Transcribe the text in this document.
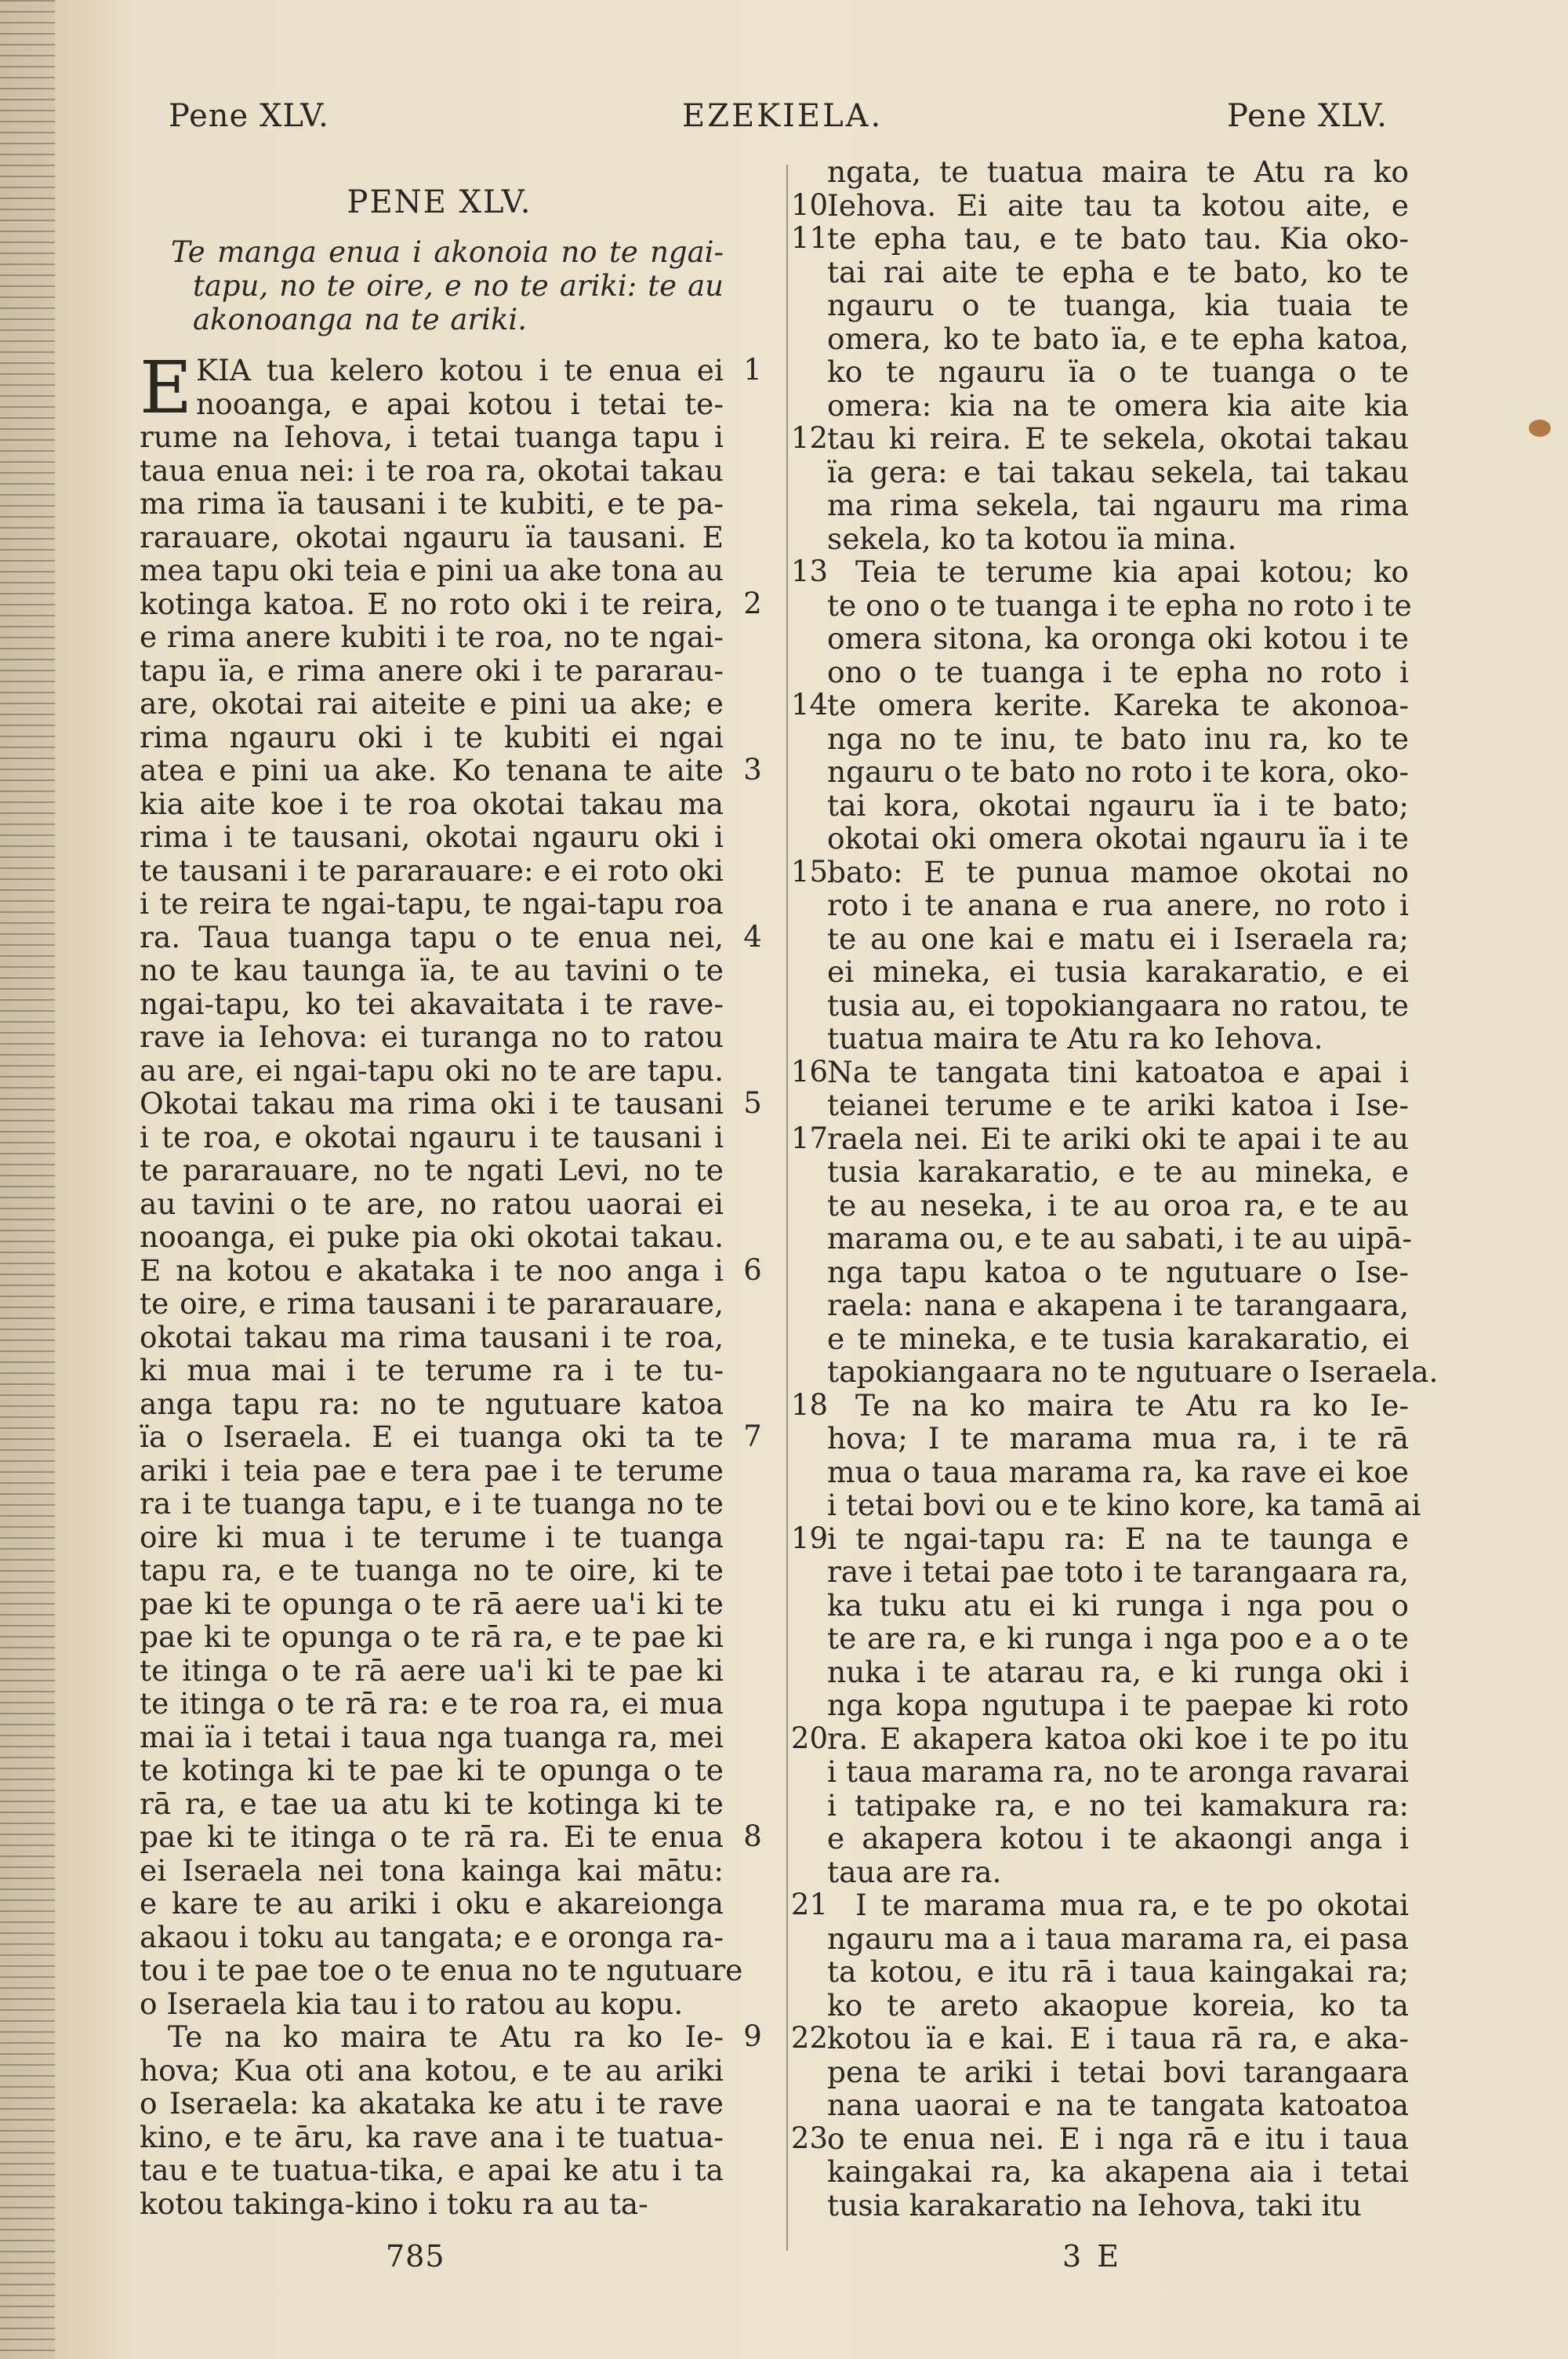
Pene XLV.	EZEKIELA.	Pene XLV.
PENE XLV.
Te manga enua i akonoia no te ngai-tapu, no te oire, e no te ariki: te au akonoanga na te ariki.
E KIA tua kelero kotou i te enua ei
nooanga, e apai kotou i tetai te-
rume na Iehova, i tetai tuanga tapu i
taua enua nei: i te roa ra, okotai takau
ma rima ïa tausani i te kubiti, e te pa-
rarauare, okotai ngauru ïa tausani. E
mea tapu oki teia e pini ua ake tona au
kotinga katoa. E no roto oki i te reira,
e rima anere kubiti i te roa, no te ngai-
tapu ïa, e rima anere oki i te pararau-
are, okotai rai aiteite e pini ua ake; e
rima ngauru oki i te kubiti ei ngai
atea e pini ua ake. Ko tenana te aite
kia aite koe i te roa okotai takau ma
rima i te tausani, okotai ngauru oki i
te tausani i te pararauare: e ei roto oki
i te reira te ngai-tapu, te ngai-tapu roa
ra. Taua tuanga tapu o te enua nei,
no te kau taunga ïa, te au tavini o te
ngai-tapu, ko tei akavaitata i te rave-
rave ia Iehova: ei turanga no to ratou
au are, ei ngai-tapu oki no te are tapu.
Okotai takau ma rima oki i te tausani
i te roa, e okotai ngauru i te tausani i
te pararauare, no te ngati Levi, no te
au tavini o te are, no ratou uaorai ei
nooanga, ei puke pia oki okotai takau.
E na kotou e akataka i te noo anga i
te oire, e rima tausani i te pararauare,
okotai takau ma rima tausani i te roa,
ki mua mai i te terume ra i te tu-
anga tapu ra: no te ngutuare katoa
ïa o Iseraela. E ei tuanga oki ta te
ariki i teia pae e tera pae i te terume
ra i te tuanga tapu, e i te tuanga no te
oire ki mua i te terume i te tuanga
tapu ra, e te tuanga no te oire, ki te
pae ki te opunga o te rā aere ua'i ki te
pae ki te opunga o te rā ra, e te pae ki
te itinga o te rā aere ua'i ki te pae ki
te itinga o te rā ra: e te roa ra, ei mua
mai ïa i tetai i taua nga tuanga ra, mei
te kotinga ki te pae ki te opunga o te
rā ra, e tae ua atu ki te kotinga ki te
pae ki te itinga o te rā ra. Ei te enua
ei Iseraela nei tona kainga kai mātu:
e kare te au ariki i oku e akareionga
akaou i toku au tangata; e e oronga ra-
tou i te pae toe o te enua no te ngutuare
o Iseraela kia tau i to ratou au kopu.
Te na ko maira te Atu ra ko Ie-
hova; Kua oti ana kotou, e te au ariki
o Iseraela: ka akataka ke atu i te rave
kino, e te āru, ka rave ana i te tuatua-
tau e te tuatua-tika, e apai ke atu i ta
kotou takinga-kino i toku ra au ta-
ngata, te tuatua maira te Atu ra ko
Iehova. Ei aite tau ta kotou aite, e
te epha tau, e te bato tau. Kia oko-
tai rai aite te epha e te bato, ko te
ngauru o te tuanga, kia tuaia te
omera, ko te bato ïa, e te epha katoa,
ko te ngauru ïa o te tuanga o te
omera: kia na te omera kia aite kia
tau ki reira. E te sekela, okotai takau
ïa gera: e tai takau sekela, tai takau
ma rima sekela, tai ngauru ma rima
sekela, ko ta kotou ïa mina.
Teia te terume kia apai kotou; ko
te ono o te tuanga i te epha no roto i te
omera sitona, ka oronga oki kotou i te
ono o te tuanga i te epha no roto i
te omera kerite. Kareka te akonoa-
nga no te inu, te bato inu ra, ko te
ngauru o te bato no roto i te kora, oko-
tai kora, okotai ngauru ïa i te bato;
okotai oki omera okotai ngauru ïa i te
bato: E te punua mamoe okotai no
roto i te anana e rua anere, no roto i
te au one kai e matu ei i Iseraela ra;
ei mineka, ei tusia karakaratio, e ei
tusia au, ei topokiangaara no ratou, te
tuatua maira te Atu ra ko Iehova.
Na te tangata tini katoatoa e apai i
teianei terume e te ariki katoa i Ise-
raela nei. Ei te ariki oki te apai i te au
tusia karakaratio, e te au mineka, e
te au neseka, i te au oroa ra, e te au
marama ou, e te au sabati, i te au uipā-
nga tapu katoa o te ngutuare o Ise-
raela: nana e akapena i te tarangaara,
e te mineka, e te tusia karakaratio, ei
tapokiangaara no te ngutuare o Iseraela.
Te na ko maira te Atu ra ko Ie-
hova; I te marama mua ra, i te rā
mua o taua marama ra, ka rave ei koe
i tetai bovi ou e te kino kore, ka tamā ai
i te ngai-tapu ra: E na te taunga e
rave i tetai pae toto i te tarangaara ra,
ka tuku atu ei ki runga i nga pou o
te are ra, e ki runga i nga poo e a o te
nuka i te atarau ra, e ki runga oki i
nga kopa ngutupa i te paepae ki roto
ra. E akapera katoa oki koe i te po itu
i taua marama ra, no te aronga ravarai
i tatipake ra, e no tei kamakura ra:
e akapera kotou i te akaongi anga i
taua are ra.
I te marama mua ra, e te po okotai
ngauru ma a i taua marama ra, ei pasa
ta kotou, e itu rā i taua kaingakai ra;
ko te areto akaopue koreia, ko ta
kotou ïa e kai. E i taua rā ra, e aka-
pena te ariki i tetai bovi tarangaara
nana uaorai e na te tangata katoatoa
o te enua nei. E i nga rā e itu i taua
kaingakai ra, ka akapena aia i tetai
tusia karakaratio na Iehova, taki itu
1
2
3
4
5
6
7
8
9
10
11
12
13
14
15
16
17
18
19
20
21
22
23
785	3 E
